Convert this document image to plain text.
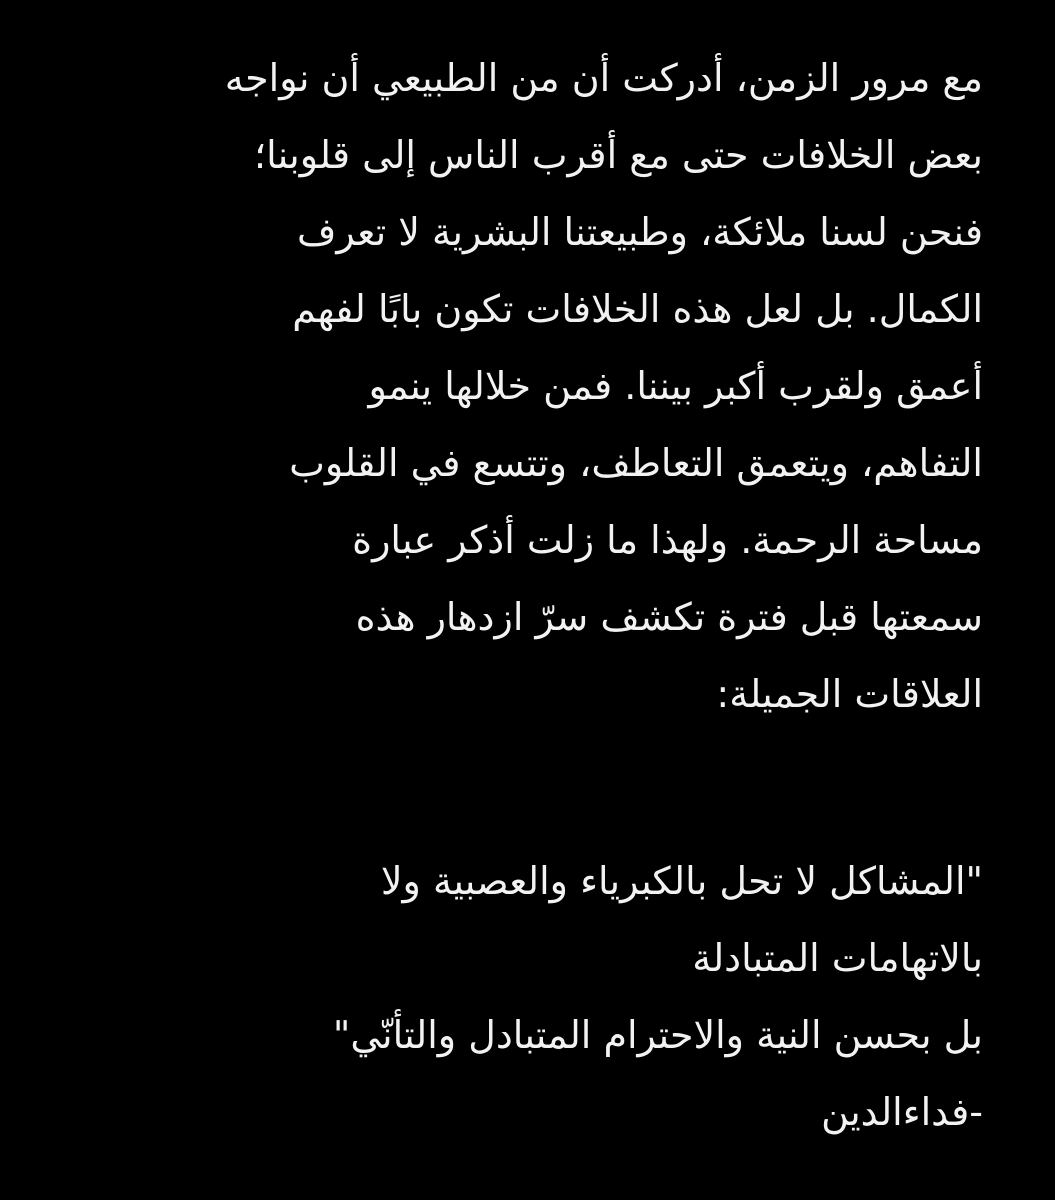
مع مرور الزمن، أدركت أن من الطبيعي أن نواجه
بعض الخلافات حتى مع أقرب الناس إلى قلوبنا؛
فنحن لسنا ملائكة، وطبيعتنا البشرية لا تعرف
الكمال. بل لعل هذه الخلافات تكون بابًا لفهم
أعمق ولقرب أكبر بيننا. فمن خلالها ينمو
التفاهم، ويتعمق التعاطف، وتتسع في القلوب
مساحة الرحمة. ولهذا ما زلت أذكر عبارة
سمعتها قبل فترة تكشف سرّ ازدهار هذه
العلاقات الجميلة:
"المشاكل لا تحل بالكبرياء والعصبية ولا
بالاتهامات المتبادلة
بل بحسن النية والاحترام المتبادل والتأنّي"
-فداءالدين
